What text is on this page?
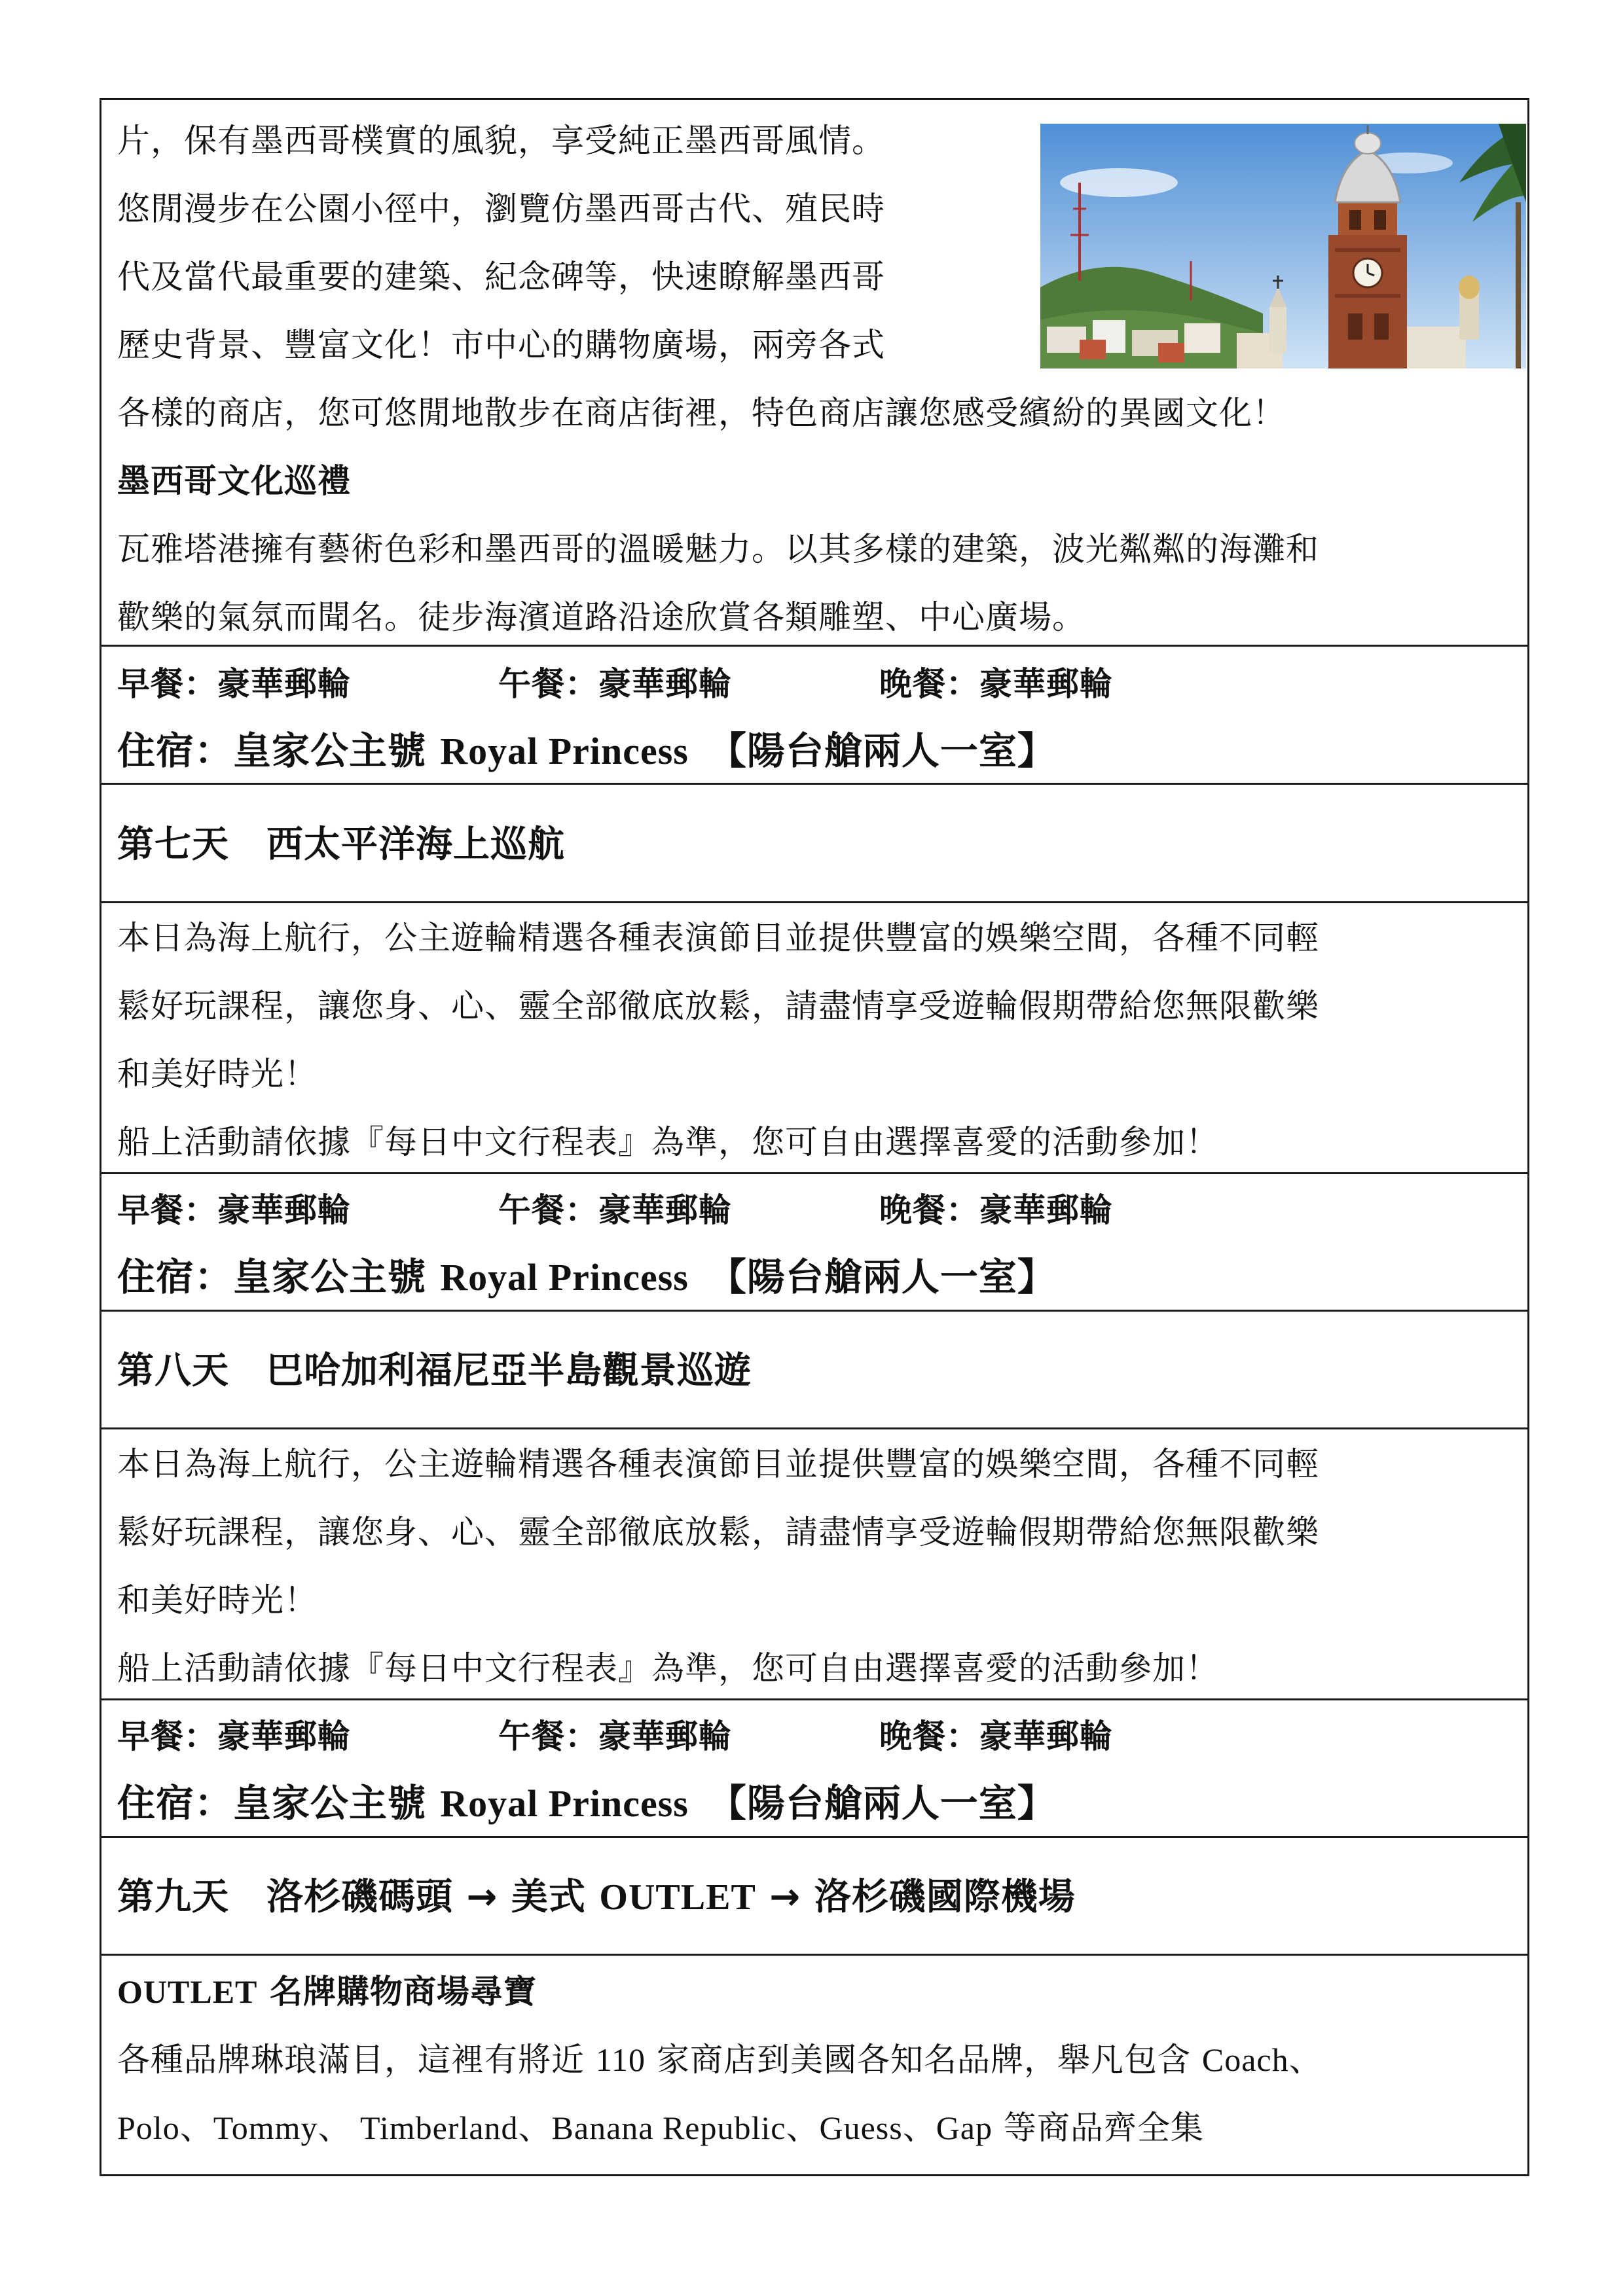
片，保有墨西哥樸實的風貌，享受純正墨西哥風情。
悠閒漫步在公園小徑中，瀏覽仿墨西哥古代、殖民時
代及當代最重要的建築、紀念碑等，快速瞭解墨西哥
歷史背景、豐富文化！市中心的購物廣場，兩旁各式
各樣的商店，您可悠閒地散步在商店街裡，特色商店讓您感受繽紛的異國文化！
墨西哥文化巡禮
瓦雅塔港擁有藝術色彩和墨西哥的溫暖魅力。以其多樣的建築，波光粼粼的海灘和
歡樂的氣氛而聞名。徒步海濱道路沿途欣賞各類雕塑、中心廣場。
早餐：豪華郵輪	午餐：豪華郵輪	晚餐：豪華郵輪
住宿：皇家公主號 Royal Princess　 【陽台艙兩人一室】
第七天　西太平洋海上巡航
本日為海上航行，公主遊輪精選各種表演節目並提供豐富的娛樂空間，各種不同輕
鬆好玩課程，讓您身、心、靈全部徹底放鬆，請盡情享受遊輪假期帶給您無限歡樂
和美好時光！
船上活動請依據『每日中文行程表』為準，您可自由選擇喜愛的活動參加！
早餐：豪華郵輪	午餐：豪華郵輪	晚餐：豪華郵輪
住宿：皇家公主號 Royal Princess　 【陽台艙兩人一室】
第八天　巴哈加利福尼亞半島觀景巡遊
本日為海上航行，公主遊輪精選各種表演節目並提供豐富的娛樂空間，各種不同輕
鬆好玩課程，讓您身、心、靈全部徹底放鬆，請盡情享受遊輪假期帶給您無限歡樂
和美好時光！
船上活動請依據『每日中文行程表』為準，您可自由選擇喜愛的活動參加！
早餐：豪華郵輪	午餐：豪華郵輪	晚餐：豪華郵輪
住宿：皇家公主號 Royal Princess　 【陽台艙兩人一室】
第九天　洛杉磯碼頭 → 美式 OUTLET → 洛杉磯國際機場
OUTLET 名牌購物商場尋寶
各種品牌琳琅滿目，這裡有將近 110 家商店到美國各知名品牌，舉凡包含 Coach、
Polo、Tommy、 Timberland、Banana Republic、Guess、Gap 等商品齊全集
